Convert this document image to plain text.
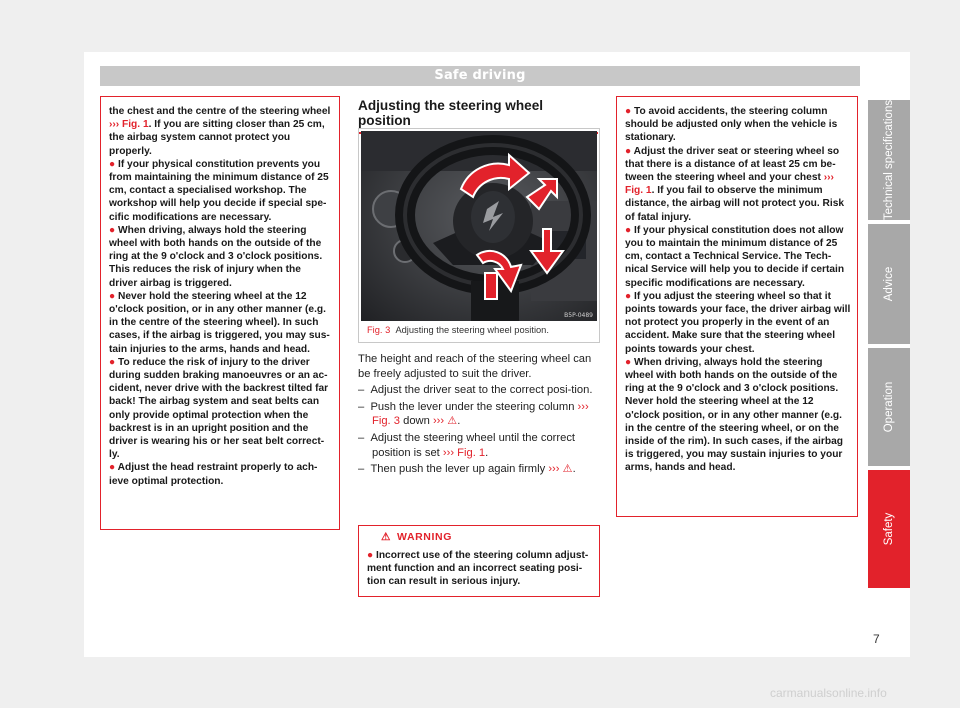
Safe driving

the chest and the centre of the steering wheel ››› Fig. 1. If you are sitting closer than 25 cm, the airbag system cannot protect you properly.

● If your physical constitution prevents you from maintaining the minimum distance of 25 cm, contact a specialised workshop. The workshop will help you decide if special spe-cific modifications are necessary.

● When driving, always hold the steering wheel with both hands on the outside of the ring at the 9 o'clock and 3 o'clock positions. This reduces the risk of injury when the driver airbag is triggered.

● Never hold the steering wheel at the 12 o'clock position, or in any other manner (e.g. in the centre of the steering wheel). In such cases, if the airbag is triggered, you may sus-tain injuries to the arms, hands and head.

● To reduce the risk of injury to the driver during sudden braking manoeuvres or an ac-cident, never drive with the backrest tilted far back! The airbag system and seat belts can only provide optimal protection when the backrest is in an upright position and the driver is wearing his or her seat belt correct-ly.

● Adjust the head restraint properly to ach-ieve optimal protection.

Adjusting the steering wheel position
B5P-0489
Fig. 3 Adjusting the steering wheel position.

The height and reach of the steering wheel can be freely adjusted to suit the driver.

–  Adjust the driver seat to the correct posi-tion.

–  Push the lever under the steering column ››› Fig. 3 down ››› ⚠.

–  Adjust the steering wheel until the correct position is set ››› Fig. 1.

–  Then push the lever up again firmly ››› ⚠.

⚠ WARNING
● Incorrect use of the steering column adjust-ment function and an incorrect seating posi-tion can result in serious injury.

● To avoid accidents, the steering column should be adjusted only when the vehicle is stationary.

● Adjust the driver seat or steering wheel so that there is a distance of at least 25 cm be-tween the steering wheel and your chest ››› Fig. 1. If you fail to observe the minimum distance, the airbag will not protect you. Risk of fatal injury.

● If your physical constitution does not allow you to maintain the minimum distance of 25 cm, contact a Technical Service. The Tech-nical Service will help you to decide if certain specific modifications are necessary.

● If you adjust the steering wheel so that it points towards your face, the driver airbag will not protect you properly in the event of an accident. Make sure that the steering wheel points towards your chest.

● When driving, always hold the steering wheel with both hands on the outside of the ring at the 9 o'clock and 3 o'clock positions. Never hold the steering wheel at the 12 o'clock position, or in any other manner (e.g. in the centre of the steering wheel, or on the inside of the rim). In such cases, if the airbag is triggered, you may sustain injuries to your arms, hands and head.

Technical specifications
Advice
Operation
Safety
7
carmanualsonline.info
